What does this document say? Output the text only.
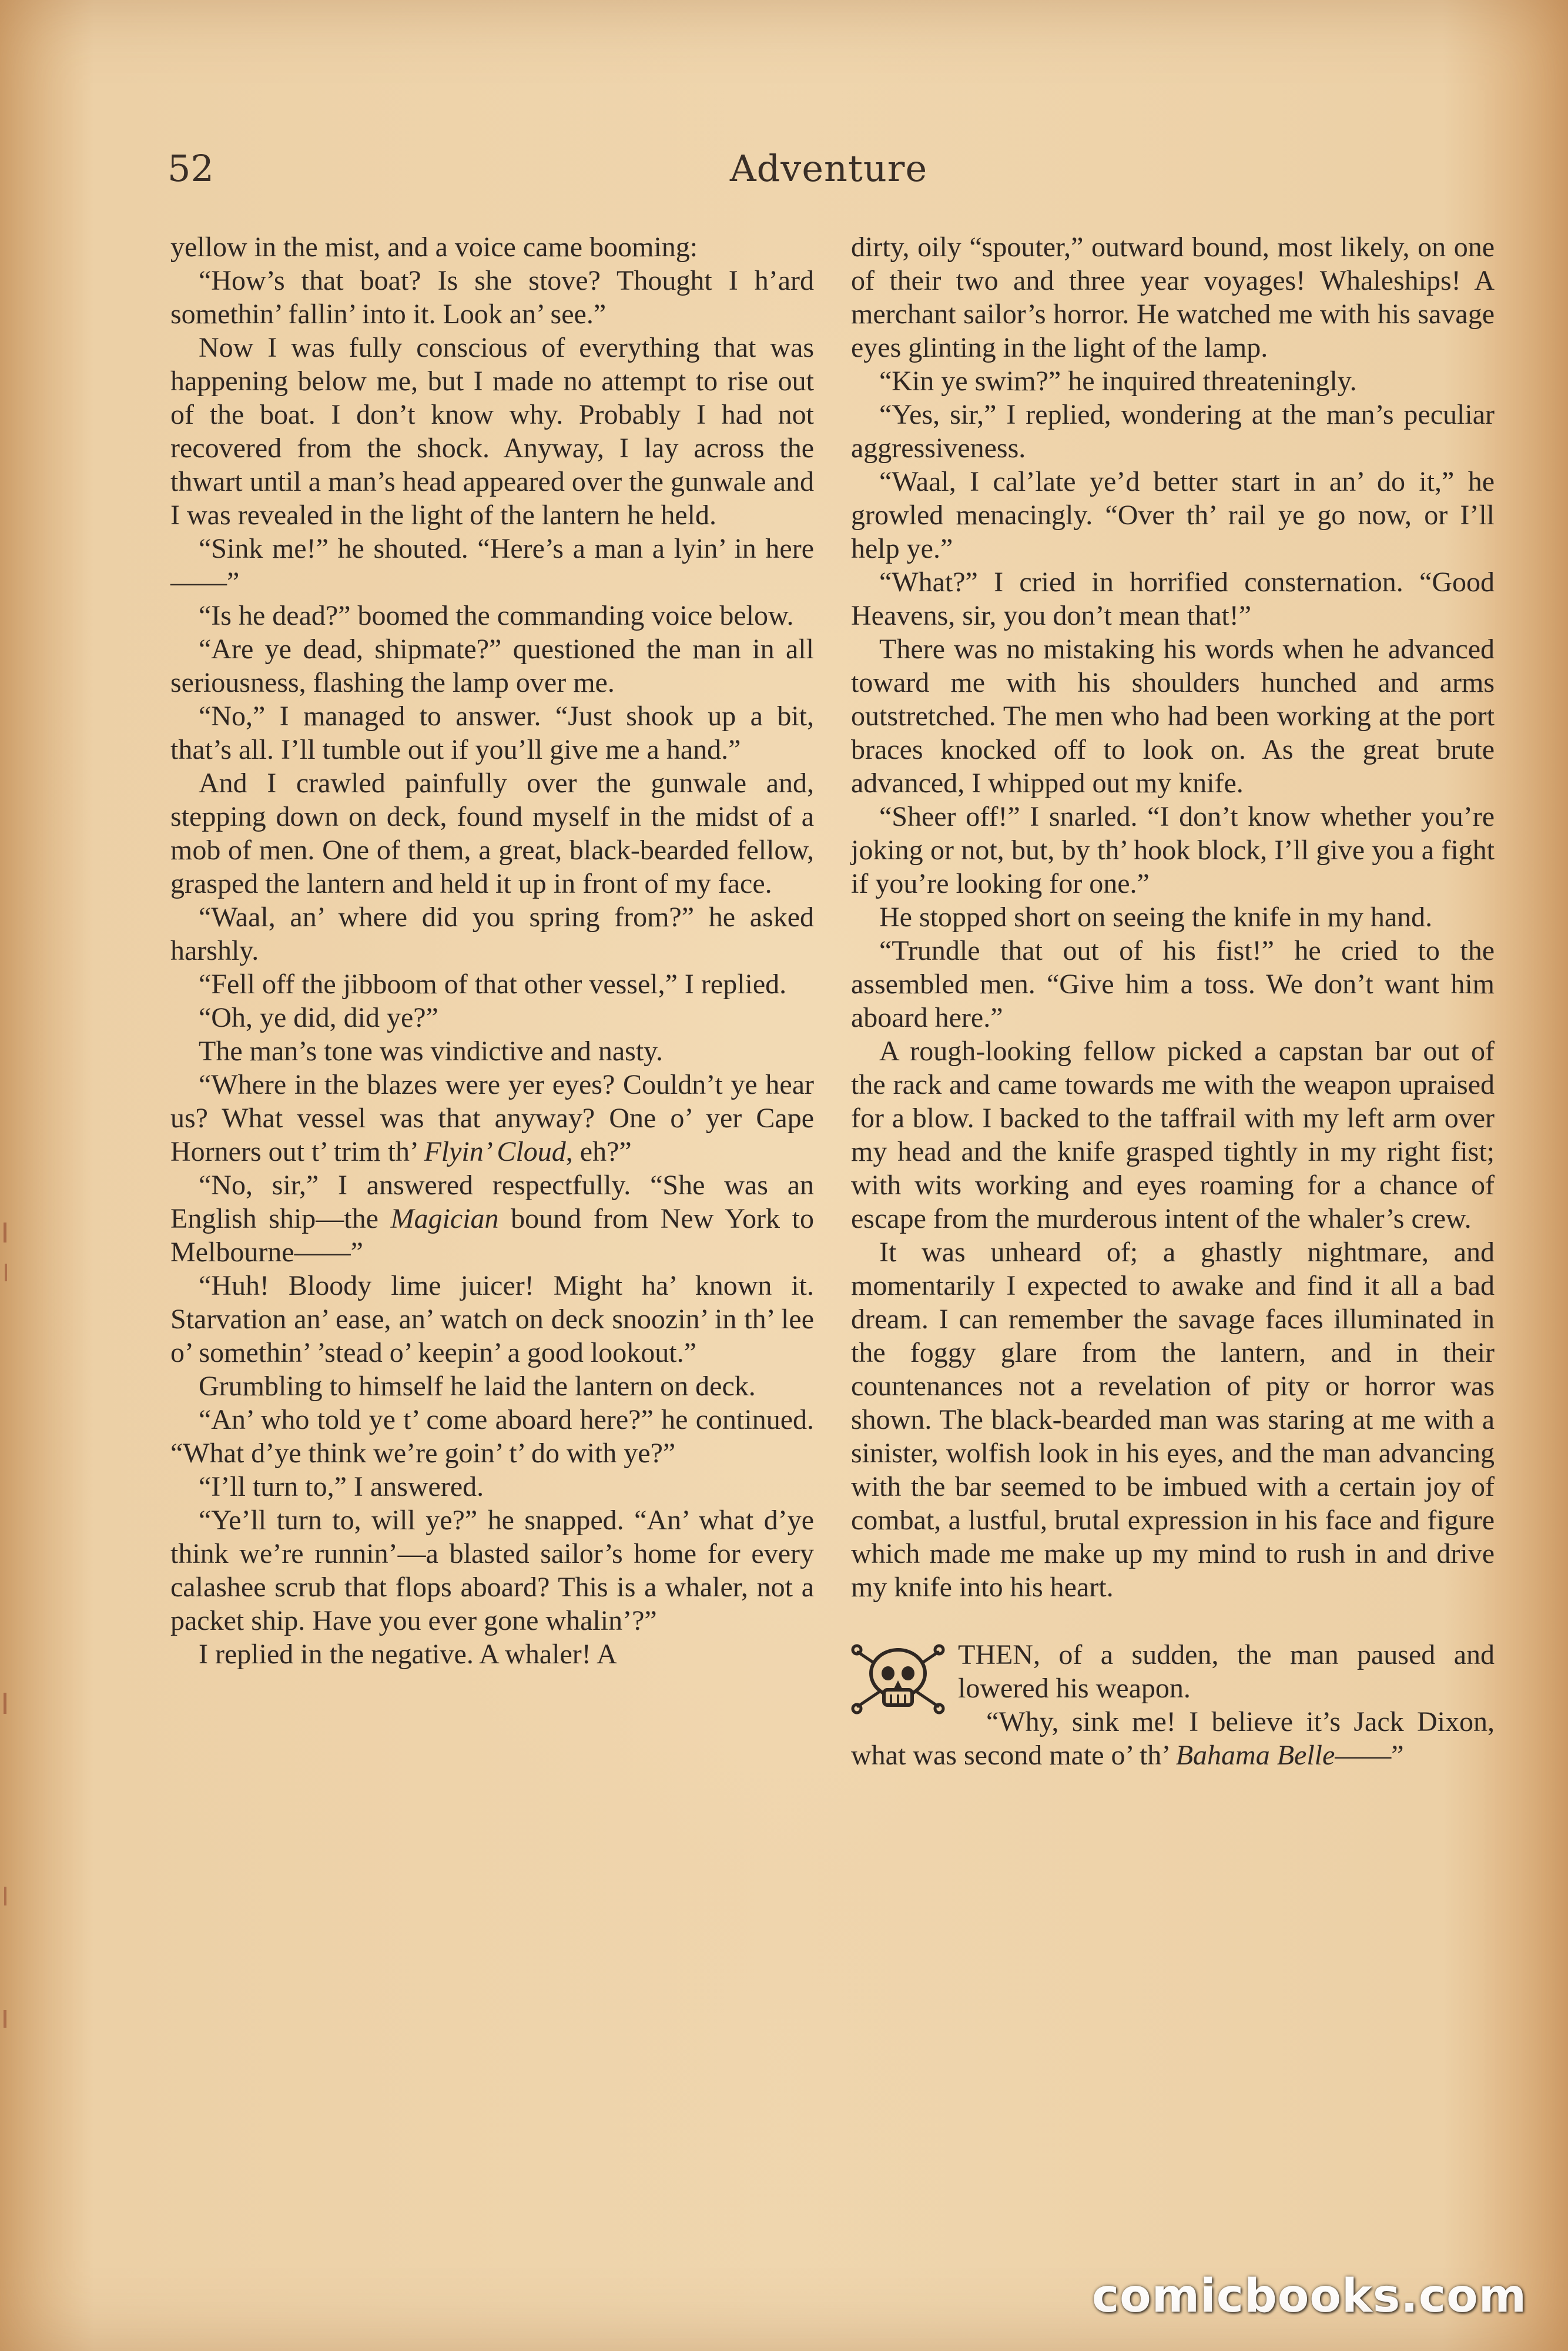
52	Adventure

yellow in the mist, and a voice came booming:

“How’s that boat? Is she stove? Thought I h’ard somethin’ fallin’ into it. Look an’ see.”

Now I was fully conscious of everything that was happening below me, but I made no attempt to rise out of the boat. I don’t know why. Probably I had not recovered from the shock. Anyway, I lay across the thwart until a man’s head appeared over the gunwale and I was revealed in the light of the lantern he held.

“Sink me!” he shouted. “Here’s a man a lyin’ in here——”

“Is he dead?” boomed the commanding voice below.

“Are ye dead, shipmate?” questioned the man in all seriousness, flashing the lamp over me.

“No,” I managed to answer. “Just shook up a bit, that’s all. I’ll tumble out if you’ll give me a hand.”

And I crawled painfully over the gunwale and, stepping down on deck, found myself in the midst of a mob of men. One of them, a great, black-bearded fellow, grasped the lantern and held it up in front of my face.

“Waal, an’ where did you spring from?” he asked harshly.

“Fell off the jibboom of that other vessel,” I replied.

“Oh, ye did, did ye?”

The man’s tone was vindictive and nasty.

“Where in the blazes were yer eyes? Couldn’t ye hear us? What vessel was that anyway? One o’ yer Cape Horners out t’ trim th’ Flyin’ Cloud, eh?”

“No, sir,” I answered respectfully. “She was an English ship—the Magician bound from New York to Melbourne——”

“Huh! Bloody lime juicer! Might ha’ known it. Starvation an’ ease, an’ watch on deck snoozin’ in th’ lee o’ somethin’ ’stead o’ keepin’ a good lookout.”

Grumbling to himself he laid the lantern on deck.

“An’ who told ye t’ come aboard here?” he continued. “What d’ye think we’re goin’ t’ do with ye?”

“I’ll turn to,” I answered.

“Ye’ll turn to, will ye?” he snapped. “An’ what d’ye think we’re runnin’—a blasted sailor’s home for every calashee scrub that flops aboard? This is a whaler, not a packet ship. Have you ever gone whalin’?”

I replied in the negative. A whaler! A

dirty, oily “spouter,” outward bound, most likely, on one of their two and three year voyages! Whaleships! A merchant sailor’s horror. He watched me with his savage eyes glinting in the light of the lamp.

“Kin ye swim?” he inquired threateningly.

“Yes, sir,” I replied, wondering at the man’s peculiar aggressiveness.

“Waal, I cal’late ye’d better start in an’ do it,” he growled menacingly. “Over th’ rail ye go now, or I’ll help ye.”

“What?” I cried in horrified consternation. “Good Heavens, sir, you don’t mean that!”

There was no mistaking his words when he advanced toward me with his shoulders hunched and arms outstretched. The men who had been working at the port braces knocked off to look on. As the great brute advanced, I whipped out my knife.

“Sheer off!” I snarled. “I don’t know whether you’re joking or not, but, by th’ hook block, I’ll give you a fight if you’re looking for one.”

He stopped short on seeing the knife in my hand.

“Trundle that out of his fist!” he cried to the assembled men. “Give him a toss. We don’t want him aboard here.”

A rough-looking fellow picked a capstan bar out of the rack and came towards me with the weapon upraised for a blow. I backed to the taffrail with my left arm over my head and the knife grasped tightly in my right fist; with wits working and eyes roaming for a chance of escape from the murderous intent of the whaler’s crew.

It was unheard of; a ghastly nightmare, and momentarily I expected to awake and find it all a bad dream. I can remember the savage faces illuminated in the foggy glare from the lantern, and in their countenances not a revelation of pity or horror was shown. The black-bearded man was staring at me with a sinister, wolfish look in his eyes, and the man advancing with the bar seemed to be imbued with a certain joy of combat, a lustful, brutal expression in his face and figure which made me make up my mind to rush in and drive my knife into his heart.

THEN, of a sudden, the man paused and lowered his weapon.

“Why, sink me! I believe it’s Jack Dixon, what was second mate o’ th’ Bahama Belle——”

comicbooks.com
